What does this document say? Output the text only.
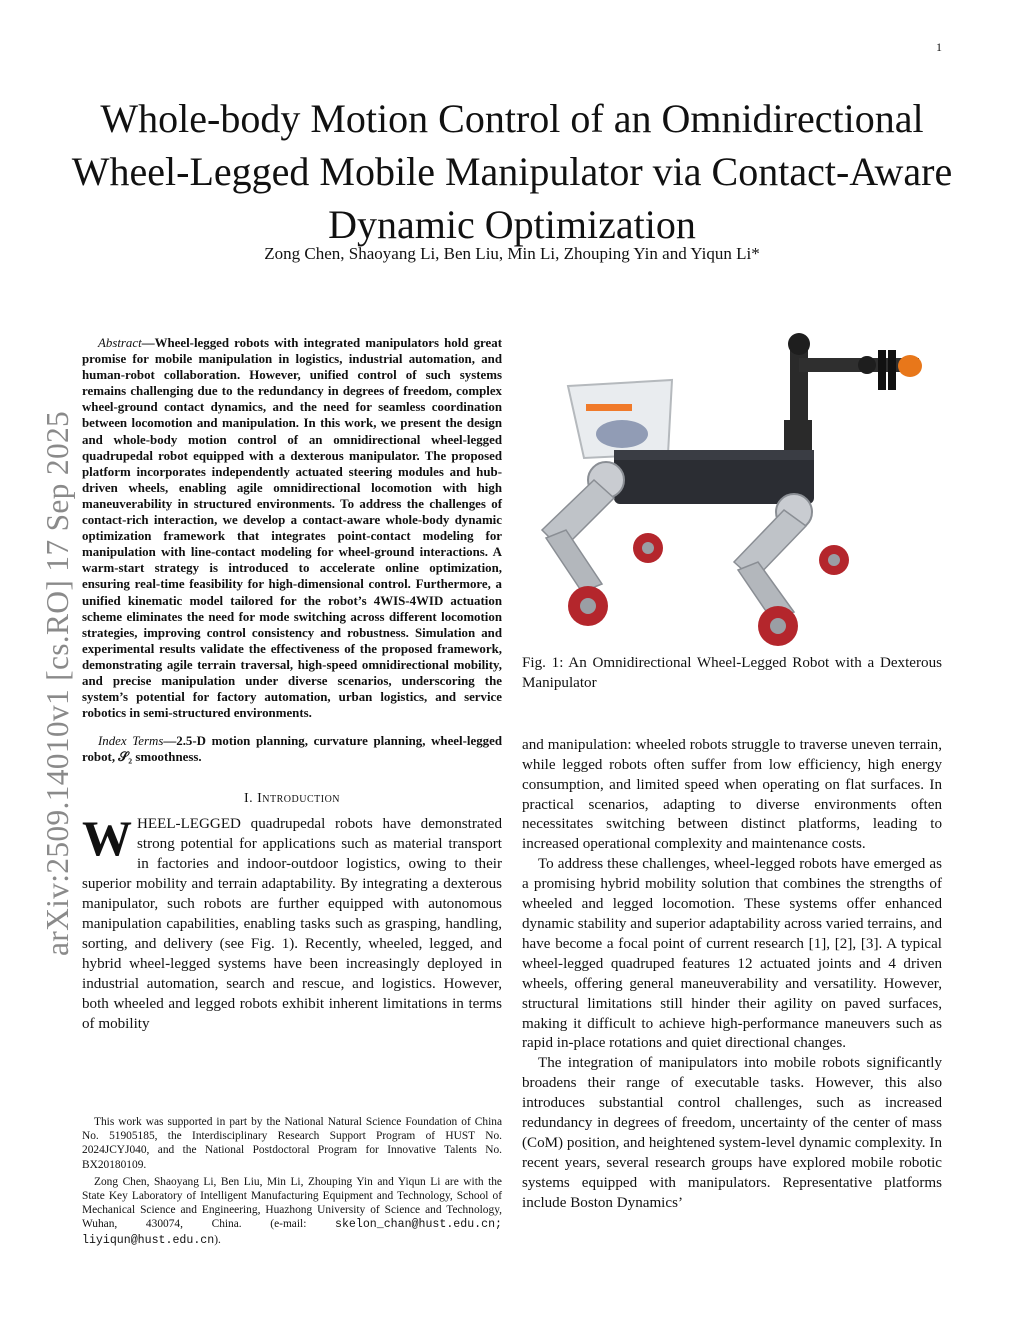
1
arXiv:2509.14010v1 [cs.RO] 17 Sep 2025
Whole-body Motion Control of an Omnidirectional Wheel-Legged Mobile Manipulator via Contact-Aware Dynamic Optimization

Zong Chen, Shaoyang Li, Ben Liu, Min Li, Zhouping Yin and Yiqun Li*

Abstract—Wheel-legged robots with integrated manipulators hold great promise for mobile manipulation in logistics, industrial automation, and human-robot collaboration. However, unified control of such systems remains challenging due to the redundancy in degrees of freedom, complex wheel-ground contact dynamics, and the need for seamless coordination between locomotion and manipulation. In this work, we present the design and whole-body motion control of an omnidirectional wheel-legged quadrupedal robot equipped with a dexterous manipulator. The proposed platform incorporates independently actuated steering modules and hub-driven wheels, enabling agile omnidirectional locomotion with high maneuverability in structured environments. To address the challenges of contact-rich interaction, we develop a contact-aware whole-body dynamic optimization framework that integrates point-contact modeling for manipulation with line-contact modeling for wheel-ground interactions. A warm-start strategy is introduced to accelerate online optimization, ensuring real-time feasibility for high-dimensional control. Furthermore, a unified kinematic model tailored for the robot’s 4WIS-4WID actuation scheme eliminates the need for mode switching across different locomotion strategies, improving control consistency and robustness. Simulation and experimental results validate the effectiveness of the proposed framework, demonstrating agile terrain traversal, high-speed omnidirectional mobility, and precise manipulation under diverse scenarios, underscoring the system’s potential for factory automation, urban logistics, and service robotics in semi-structured environments.

Index Terms—2.5-D motion planning, curvature planning, wheel-legged robot, 𝒮₂ smoothness.

I. Introduction

WHEEL-LEGGED quadrupedal robots have demonstrated strong potential for applications such as material transport in factories and indoor-outdoor logistics, owing to their superior mobility and terrain adaptability. By integrating a dexterous manipulator, such robots are further equipped with autonomous manipulation capabilities, enabling tasks such as grasping, handling, sorting, and delivery (see Fig. 1). Recently, wheeled, legged, and hybrid wheel-legged systems have been increasingly deployed in industrial automation, search and rescue, and logistics. However, both wheeled and legged robots exhibit inherent limitations in terms of mobility

This work was supported in part by the National Natural Science Foundation of China No. 51905185, the Interdisciplinary Research Support Program of HUST No. 2024JCYJ040, and the National Postdoctoral Program for Innovative Talents No. BX20180109.

Zong Chen, Shaoyang Li, Ben Liu, Min Li, Zhouping Yin and Yiqun Li are with the State Key Laboratory of Intelligent Manufacturing Equipment and Technology, School of Mechanical Science and Engineering, Huazhong University of Science and Technology, Wuhan, 430074, China. (e-mail: skelon_chan@hust.edu.cn; liyiqun@hust.edu.cn).

Fig. 1: An Omnidirectional Wheel-Legged Robot with a Dexterous Manipulator

and manipulation: wheeled robots struggle to traverse uneven terrain, while legged robots often suffer from low efficiency, high energy consumption, and limited speed when operating on flat surfaces. In practical scenarios, adapting to diverse environments often necessitates switching between distinct platforms, leading to increased operational complexity and maintenance costs.

To address these challenges, wheel-legged robots have emerged as a promising hybrid mobility solution that combines the strengths of wheeled and legged locomotion. These systems offer enhanced dynamic stability and superior adaptability across varied terrains, and have become a focal point of current research [1], [2], [3]. A typical wheel-legged quadruped features 12 actuated joints and 4 driven wheels, offering general maneuverability and versatility. However, structural limitations still hinder their agility on paved surfaces, making it difficult to achieve high-performance maneuvers such as rapid in-place rotations and quiet directional changes.

The integration of manipulators into mobile robots significantly broadens their range of executable tasks. However, this also introduces substantial control challenges, such as increased redundancy in degrees of freedom, uncertainty of the center of mass (CoM) position, and heightened system-level dynamic complexity. In recent years, several research groups have explored mobile robotic systems equipped with manipulators. Representative platforms include Boston Dynamics’
